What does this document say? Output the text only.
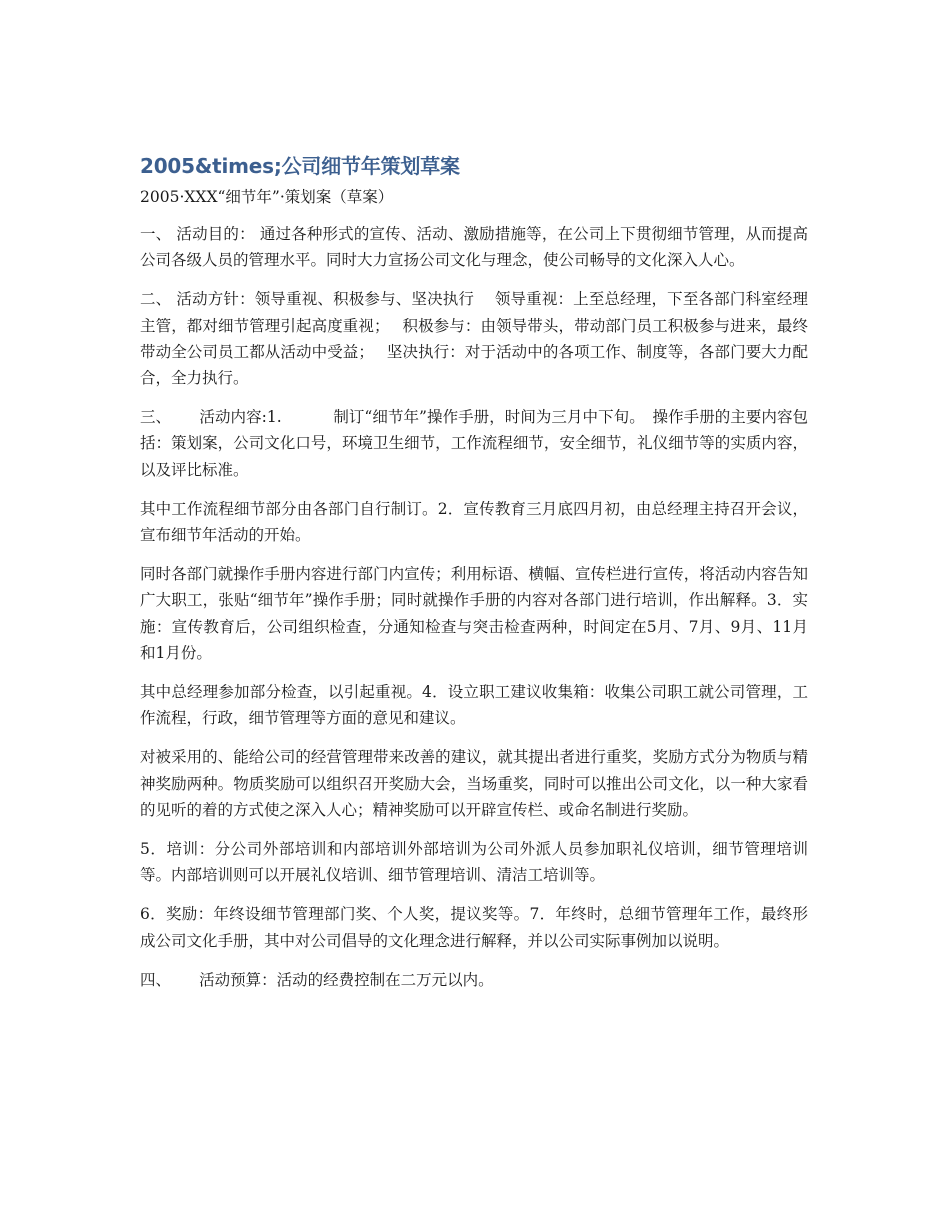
2005&times;公司细节年策划草案
2005·XXX“细节年”·策划案（草案）

一、 活动目的： 通过各种形式的宣传、活动、激励措施等，在公司上下贯彻细节管理，从而提高公司各级人员的管理水平。同时大力宣扬公司文化与理念，使公司畅导的文化深入人心。

二、 活动方针：领导重视、积极参与、坚决执行　 领导重视：上至总经理，下至各部门科室经理主管，都对细节管理引起高度重视；　 积极参与：由领导带头，带动部门员工积极参与进来，最终带动全公司员工都从活动中受益；　 坚决执行：对于活动中的各项工作、制度等，各部门要大力配合，全力执行。

三、　　 活动内容:1.　　　 制订“细节年”操作手册，时间为三月中下旬。　操作手册的主要内容包括：策划案，公司文化口号，环境卫生细节，工作流程细节，安全细节，礼仪细节等的实质内容，以及评比标准。

其中工作流程细节部分由各部门自行制订。2．宣传教育三月底四月初，由总经理主持召开会议，宣布细节年活动的开始。

同时各部门就操作手册内容进行部门内宣传；利用标语、横幅、宣传栏进行宣传，将活动内容告知广大职工，张贴“细节年”操作手册；同时就操作手册的内容对各部门进行培训，作出解释。3．实施：宣传教育后，公司组织检查，分通知检查与突击检查两种，时间定在5月、7月、9月、11月和1月份。

其中总经理参加部分检查，以引起重视。4．设立职工建议收集箱：收集公司职工就公司管理，工作流程，行政，细节管理等方面的意见和建议。

对被采用的、能给公司的经营管理带来改善的建议，就其提出者进行重奖，奖励方式分为物质与精神奖励两种。物质奖励可以组织召开奖励大会，当场重奖，同时可以推出公司文化，以一种大家看的见听的着的方式使之深入人心；精神奖励可以开辟宣传栏、或命名制进行奖励。

5．培训：分公司外部培训和内部培训外部培训为公司外派人员参加职礼仪培训，细节管理培训等。内部培训则可以开展礼仪培训、细节管理培训、清洁工培训等。

6．奖励：年终设细节管理部门奖、个人奖，提议奖等。7．年终时，总细节管理年工作，最终形成公司文化手册，其中对公司倡导的文化理念进行解释，并以公司实际事例加以说明。

四、　　 活动预算：活动的经费控制在二万元以内。
